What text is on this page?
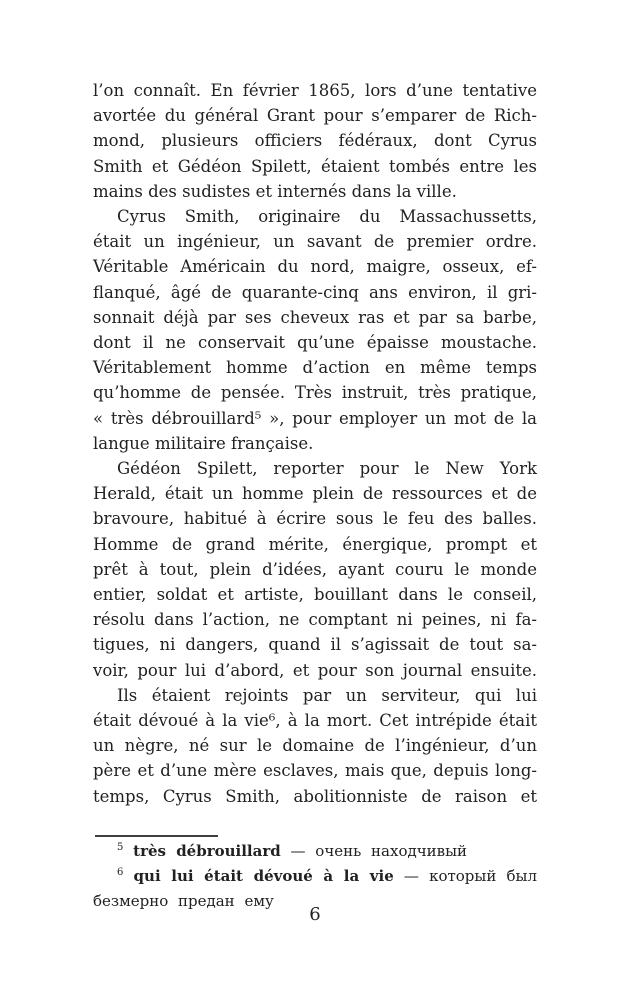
l’on connaît. En février 1865, lors d’une tentative
avortée du général Grant pour s’emparer de Rich-
mond, plusieurs officiers fédéraux, dont Cyrus
Smith et Gédéon Spilett, étaient tombés entre les
mains des sudistes et internés dans la ville.
Cyrus Smith, originaire du Massachussetts,
était un ingénieur, un savant de premier ordre.
Véritable Américain du nord, maigre, osseux, ef-
flanqué, âgé de quarante-cinq ans environ, il gri-
sonnait déjà par ses cheveux ras et par sa barbe,
dont il ne conservait qu’une épaisse moustache.
Véritablement homme d’action en même temps
qu’homme de pensée. Très instruit, très pratique,
« très débrouillard⁵ », pour employer un mot de la
langue militaire française.
Gédéon Spilett, reporter pour le New York
Herald, était un homme plein de ressources et de
bravoure, habitué à écrire sous le feu des balles.
Homme de grand mérite, énergique, prompt et
prêt à tout, plein d’idées, ayant couru le monde
entier, soldat et artiste, bouillant dans le conseil,
résolu dans l’action, ne comptant ni peines, ni fa-
tigues, ni dangers, quand il s’agissait de tout sa-
voir, pour lui d’abord, et pour son journal ensuite.
Ils étaient rejoints par un serviteur, qui lui
était dévoué à la vie⁶, à la mort. Cet intrépide était
un nègre, né sur le domaine de l’ingénieur, d’un
père et d’une mère esclaves, mais que, depuis long-
temps, Cyrus Smith, abolitionniste de raison et
$^5$ très débrouillard — очень находчивый
$^6$ qui lui était dévoué à la vie — который был
безмерно предан ему
6
